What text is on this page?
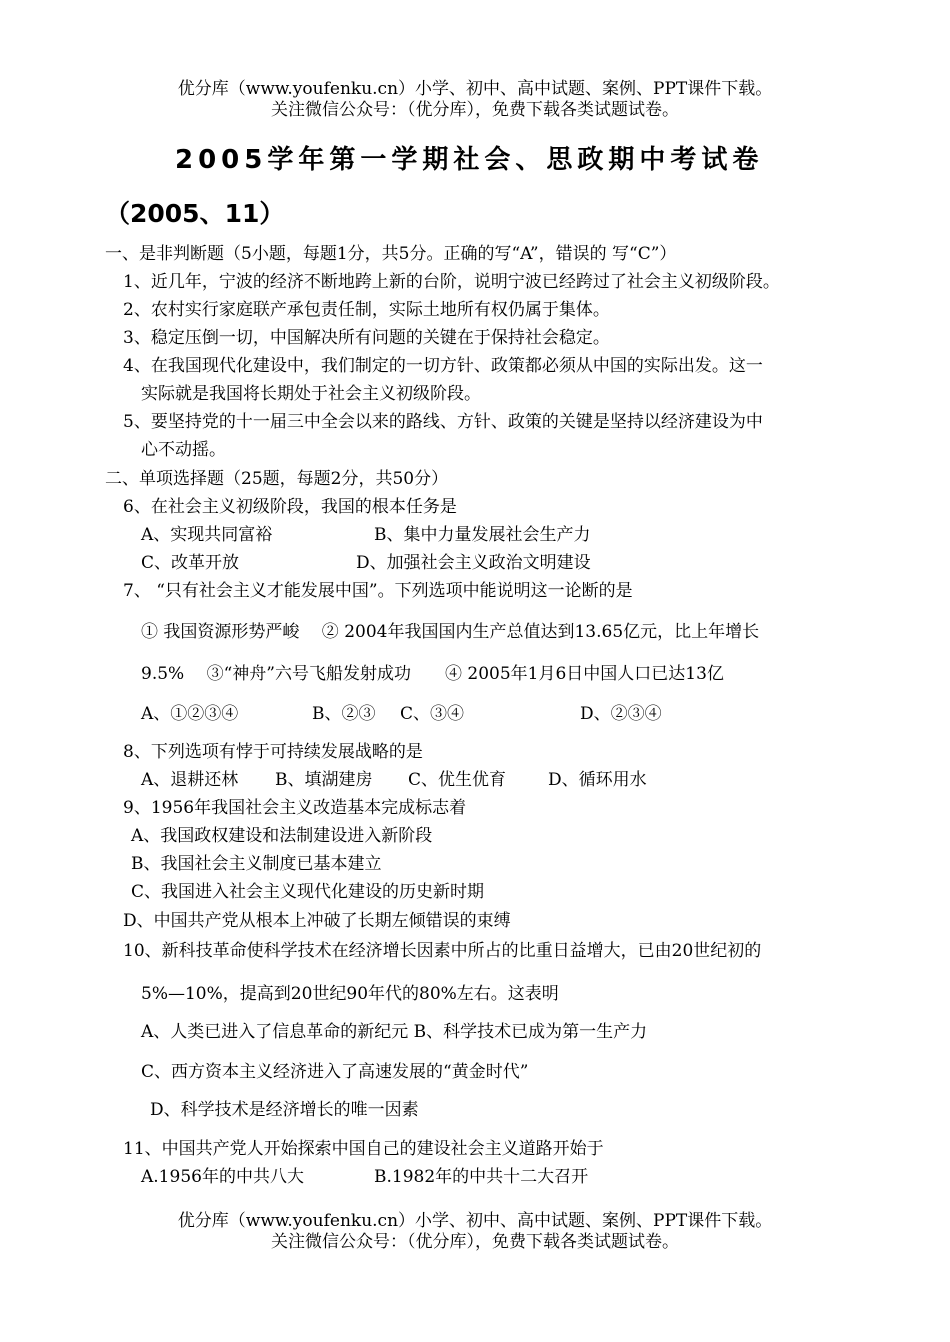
优分库（www.youfenku.cn）小学、初中、高中试题、案例、PPT课件下载。
关注微信公众号：（优分库），免费下载各类试题试卷。
2005学年第一学期社会、思政期中考试卷
（2005、11）
一、是非判断题（5小题，每题1分，共5分。正确的写“A”，错误的 写“C”）
1、近几年，宁波的经济不断地跨上新的台阶，说明宁波已经跨过了社会主义初级阶段。
2、农村实行家庭联产承包责任制，实际土地所有权仍属于集体。
3、稳定压倒一切，中国解决所有问题的关键在于保持社会稳定。
4、在我国现代化建设中，我们制定的一切方针、政策都必须从中国的实际出发。这一
实际就是我国将长期处于社会主义初级阶段。
5、要坚持党的十一届三中全会以来的路线、方针、政策的关键是坚持以经济建设为中
心不动摇。
二、单项选择题（25题，每题2分，共50分）
6、在社会主义初级阶段，我国的根本任务是
A、实现共同富裕	B、集中力量发展社会生产力
C、改革开放	D、加强社会主义政治文明建设
7、 “只有社会主义才能发展中国”。下列选项中能说明这一论断的是
① 我国资源形势严峻　 ② 2004年我国国内生产总值达到13.65亿元，比上年增长
9.5%　 ③“神舟”六号飞船发射成功　　④ 2005年1月6日中国人口已达13亿
A、①②③④	B、②③ C、③④	D、②③④
8、下列选项有悖于可持续发展战略的是
A、退耕还林 B、填湖建房 C、优生优育 D、循环用水
9、1956年我国社会主义改造基本完成标志着
A、我国政权建设和法制建设进入新阶段
B、我国社会主义制度已基本建立
C、我国进入社会主义现代化建设的历史新时期
D、中国共产党从根本上冲破了长期左倾错误的束缚
10、新科技革命使科学技术在经济增长因素中所占的比重日益增大，已由20世纪初的
5%—10%，提高到20世纪90年代的80%左右。这表明
A、人类已进入了信息革命的新纪元 B、科学技术已成为第一生产力
C、西方资本主义经济进入了高速发展的“黄金时代”
D、科学技术是经济增长的唯一因素
11、中国共产党人开始探索中国自己的建设社会主义道路开始于
A.1956年的中共八大	B.1982年的中共十二大召开
优分库（www.youfenku.cn）小学、初中、高中试题、案例、PPT课件下载。
关注微信公众号：（优分库），免费下载各类试题试卷。
